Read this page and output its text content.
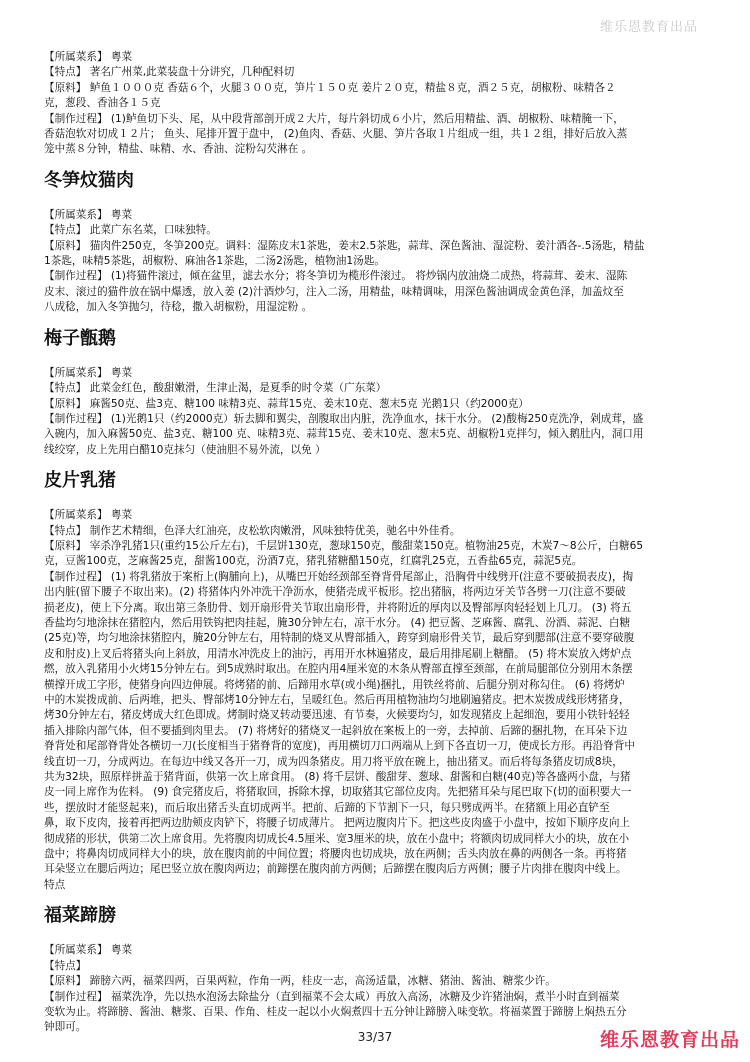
维乐恩教育出品
【所属菜系】 粤菜
【特点】 著名广州菜,此菜装盘十分讲究，几种配料切
【原料】 鲈鱼１０００克 香菇６个，火腿３００克，笋片１５０克 姜片２０克，精盐８克，酒２５克，胡椒粉、味精各２
克，葱段、香油各１５克
【制作过程】 (1)鲈鱼切下头、尾，从中段背部剖开成２大片，每片斜切成６小片，然后用精盐、酒、胡椒粉、味精腌一下，
香菇泡软对切成１２片； 鱼头、尾排开置于盘中， (2)鱼肉、香菇、火腿、笋片各取１片组成一组，共１２组，排好后放入蒸
笼中蒸８分钟，精盐、味精、水、香油、淀粉勾芡淋在 。
冬笋炆猫肉
【所属菜系】 粤菜
【特点】 此菜广东名菜，口味独特。
【原料】 猫肉件250克，冬笋200克。调料：湿陈皮末1茶匙，姜末2.5茶匙，蒜茸、深色酱油、湿淀粉、姜汁酒各-.5汤匙，精盐
1茶匙，味精5茶匙，胡椒粉、麻油各1茶匙，二汤2汤匙，植物油1汤匙。
【制作过程】 (1)将猫件滚过，倾在盆里，滤去水分；将冬笋切为榄形件滚过。 将炒锅内放油烧二成热，将蒜茸、姜末、湿陈
皮末、滚过的猫件放在锅中爆透，放入姜 (2)汁酒炒匀，注入二汤，用精盐，味精调味，用深色酱油调成金黄色泽，加盖炆至
八成稔，加入冬笋抛匀，待稔，撒入胡椒粉，用湿淀粉 。
梅子甑鹅
【所属菜系】 粤菜
【特点】 此菜金红色，酸甜嫩滑，生津止渴，是夏季的时令菜（广东菜）
【原料】 麻酱50克、盐3克、糖100 味精3克、蒜茸15克、姜末10克、葱末5克 光鹅1只（约2000克）
【制作过程】 (1)光鹅1只（约2000克）斩去脚和翼尖，剖腹取出内脏，洗净血水，抹干水分。 (2)酸梅250克洗净，剁成茸，盛
入碗内，加入麻酱50克、盐3克、糖100 克、味精3克、蒜茸15克、姜末10克、葱末5克、胡椒粉1克拌匀，倾入鹅肚内，洞口用
线绞穿，皮上先用白醋10克抹匀（使油胆不易外流，以免 ）
皮片乳猪
【所属菜系】 粤菜
【特点】 制作艺术精细，色泽大红油亮，皮松软肉嫩滑，风味独特优美，驰名中外佳肴。
【原料】 宰杀净乳猪1只(重约15公斤左右)，千层饼130克，葱球150克，酸甜菜150克。植物油25克，木炭7～8公斤，白糖65
克，豆酱100克，芝麻酱25克，甜酱100克，汾酒7克，猪乳猪糖醋150克，红腐乳25克，五香盐65克，蒜泥5克。
【制作过程】 (1) 将乳猪放于案桁上(胸脯向上)，从嘴巴开始经颈部至脊背骨尾部止，沿胸骨中线劈开(注意不要破损表皮)，掏
出内脏(留下腰子不取出来)。(2) 将猪体内外冲洗干净沥水，使猪壳成平板形。挖出猪脑，将两边牙关节各劈一刀(注意不要破
损老皮)，使上下分离。取出第三条肋骨、划开扇形骨关节取出扇形骨，并将附近的厚肉以及臀部厚肉轻轻划上几刀。 (3) 将五
香盐均匀地涂抹在猪腔内，然后用铁钩把肉挂起，腌30分钟左右，凉干水分。 (4) 把豆酱、芝麻酱、腐乳、汾酒、蒜泥、白糖
(25克)等，均匀地涂抹猪腔内，腌20分钟左右，用特制的烧叉从臀部插入，跨穿到扇形骨关节，最后穿到腮部(注意不要穿破腹
皮和肘皮)上叉后将猪头向上斜放，用清水冲洗皮上的油污，再用开水林遍猪皮，最后用排尾刷上糖醋。 (5) 将木炭放入烤炉点
燃，放入乳猪用小火烤15分钟左右。到5成熟时取出。在腔内用4厘米宽的木条从臀部直撑至颈部，在前局腿部位分别用木条摆
横撑开成工字形，使猪身向四边伸展。将烤猪的前、后蹄用水草(或小绳)捆扎，用铁丝将前、后腿分别对称勾住。 (6) 将烤炉
中的木炭拨成前、后两堆，把头、臀部烤10分钟左右，呈暖红色。然后再用植物油均匀地刷遍猪皮。把木炭拨成线形烤猪身，
烤30分钟左右，猪皮烤成大红色即成。烤制时烧叉转动要迅速、有节奏，火候要均匀，如发现猪皮上起细泡，要用小铁针轻轻
插入排除内部气体，但不要插到肉里去。 (7) 将烤好的猪烧叉一起斜放在案板上的一旁，去掉前、后蹄的捆扎物，在耳朵下边
脊背处和尾部脊背处各横切一刀(长度相当于猪脊背的宽度)，再用横切刀口两端从上到下各直切一刀，使成长方形。再沿脊背中
线直切一刀，分成两边。在每边中线又各开一刀，成为四条猪皮。用刀将平放在碗上，抽出猪叉。而后将每条猪皮切成8块，
共为32块，照原样拼盖于猪背面，供第一次上席食用。 (8) 将千层饼、酸甜芽、葱球、甜酱和白糖(40克)等各盛两小盘，与猪
皮一同上席作为佐料。 (9) 食完猪皮后，将猪取回，拆除木撑，切取猪其它部位皮肉。先把猪耳朵与尾巴取下(切的面积要大一
些，摆放时才能竖起来)，而后取出猪舌头直切成两半。把前、后蹄的下节割下一只，每只劈成两半。在猪额上用必直铲至
鼻，取下皮肉，接着再把两边肋颊皮肉铲下，将腰子切成薄片。 把两边腹肉片下。把这些皮肉盛于小盘中，按如下顺序皮向上
彻成猪的形状，供第二次上席食用。先将腹肉切成长4.5厘米、宽3厘米的块，放在小盘中；将额肉切成同样大小的块，放在小
盘中；将鼻肉切成同样大小的块，放在腹肉前的中间位置；将腰肉也切成块，放在两侧；舌头肉放在鼻的两侧各一条。再将猪
耳朵竖立在腮后两边；尾巴竖立放在腹肉两边；前蹄摆在腹肉前方两侧；后蹄摆在腹肉后方两侧；腰子片肉排在腹肉中线上。
特点
福菜蹄膀
【所属菜系】 粤菜
【特点】
【原料】 蹄膀六两，福菜四两，百果两粒，作角一两，桂皮一志，高汤适量，冰糖、猪油、酱油、糖浆少许。
【制作过程】 福菜洗净，先以热水泡汤去除盐分（直到福菜不会太咸）再放入高汤，冰糖及少许猪油焖，煮半小时直到福菜
变软为止。将蹄膀、酱油、糖浆、百果、作角、桂皮一起以小火焖煮四十五分钟让蹄膀入味变软。将福菜置于蹄膀上焖热五分
钟即可。
33/37	维乐恩教育出品
